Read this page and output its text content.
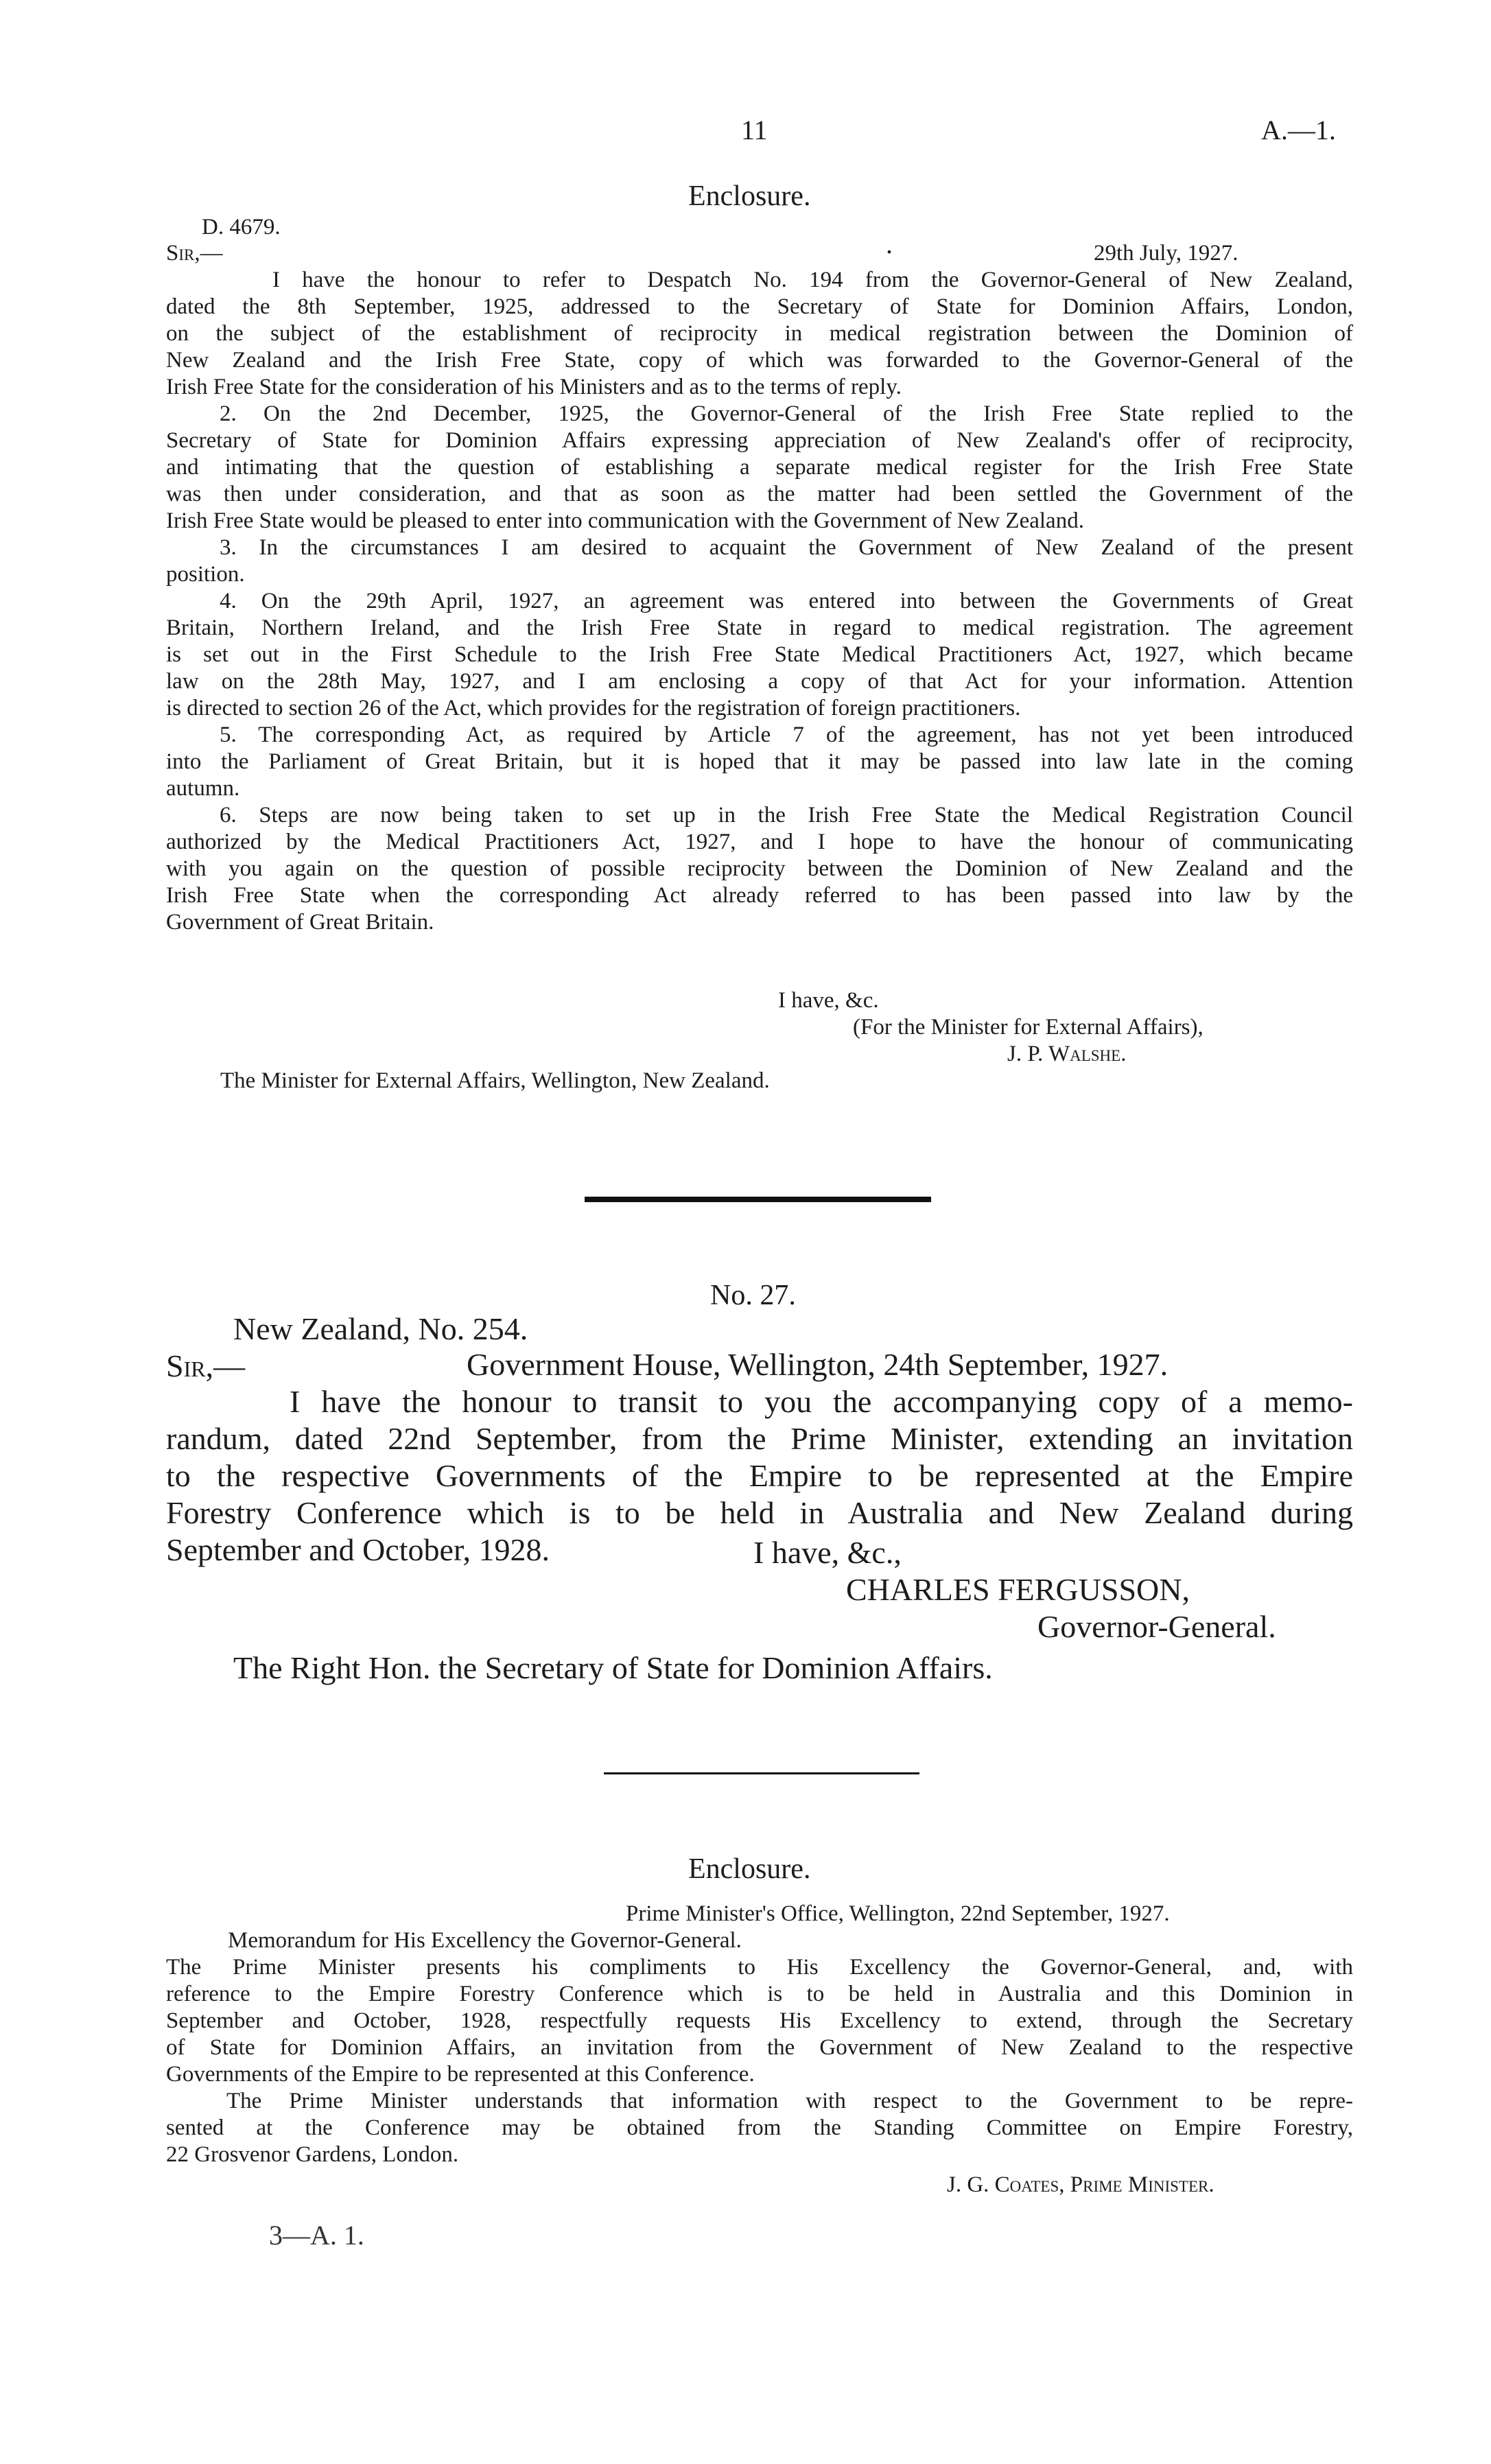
11	A.—1.
Enclosure.
D. 4679.
Sir,—	.	29th July, 1927.
I have the honour to refer to Despatch No. 194 from the Governor-General of New Zealand,
dated the 8th September, 1925, addressed to the Secretary of State for Dominion Affairs, London,
on the subject of the establishment of reciprocity in medical registration between the Dominion of
New Zealand and the Irish Free State, copy of which was forwarded to the Governor-General of the
Irish Free State for the consideration of his Ministers and as to the terms of reply.
2. On the 2nd December, 1925, the Governor-General of the Irish Free State replied to the
Secretary of State for Dominion Affairs expressing appreciation of New Zealand's offer of reciprocity,
and intimating that the question of establishing a separate medical register for the Irish Free State
was then under consideration, and that as soon as the matter had been settled the Government of the
Irish Free State would be pleased to enter into communication with the Government of New Zealand.
3. In the circumstances I am desired to acquaint the Government of New Zealand of the present
position.
4. On the 29th April, 1927, an agreement was entered into between the Governments of Great
Britain, Northern Ireland, and the Irish Free State in regard to medical registration. The agreement
is set out in the First Schedule to the Irish Free State Medical Practitioners Act, 1927, which became
law on the 28th May, 1927, and I am enclosing a copy of that Act for your information. Attention
is directed to section 26 of the Act, which provides for the registration of foreign practitioners.
5. The corresponding Act, as required by Article 7 of the agreement, has not yet been introduced
into the Parliament of Great Britain, but it is hoped that it may be passed into law late in the coming
autumn.
6. Steps are now being taken to set up in the Irish Free State the Medical Registration Council
authorized by the Medical Practitioners Act, 1927, and I hope to have the honour of communicating
with you again on the question of possible reciprocity between the Dominion of New Zealand and the
Irish Free State when the corresponding Act already referred to has been passed into law by the
Government of Great Britain.
I have, &c.
(For the Minister for External Affairs),
J. P. Walshe.
The Minister for External Affairs, Wellington, New Zealand.
No. 27.
New Zealand, No. 254.
Sir,—	Government House, Wellington, 24th September, 1927.
I have the honour to transit to you the accompanying copy of a memo-
randum, dated 22nd September, from the Prime Minister, extending an invitation
to the respective Governments of the Empire to be represented at the Empire
Forestry Conference which is to be held in Australia and New Zealand during
September and October, 1928.	I have, &c.,
CHARLES FERGUSSON,
Governor-General.
The Right Hon. the Secretary of State for Dominion Affairs.
Enclosure.
Prime Minister's Office, Wellington, 22nd September, 1927.
Memorandum for His Excellency the Governor-General.
The Prime Minister presents his compliments to His Excellency the Governor-General, and, with
reference to the Empire Forestry Conference which is to be held in Australia and this Dominion in
September and October, 1928, respectfully requests His Excellency to extend, through the Secretary
of State for Dominion Affairs, an invitation from the Government of New Zealand to the respective
Governments of the Empire to be represented at this Conference.
The Prime Minister understands that information with respect to the Government to be repre-
sented at the Conference may be obtained from the Standing Committee on Empire Forestry,
22 Grosvenor Gardens, London.
J. G. Coates, Prime Minister.
3—A. 1.
